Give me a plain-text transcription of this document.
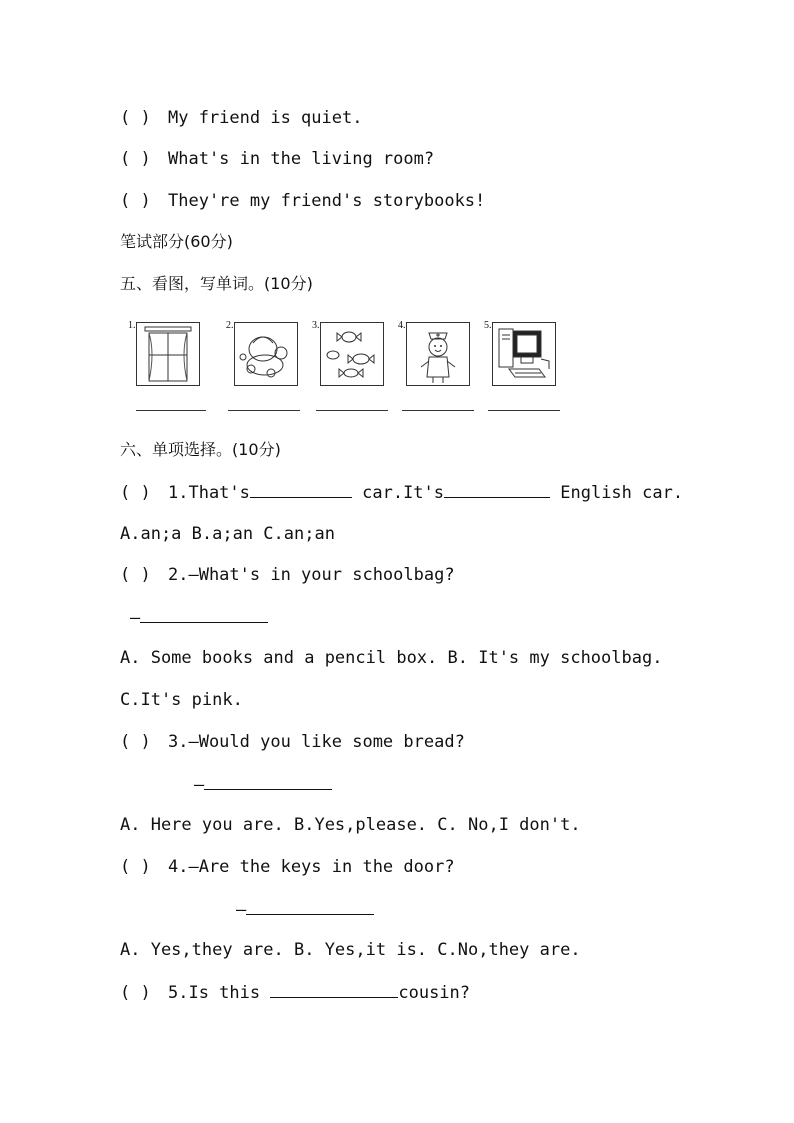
( ) My friend is quiet.
( ) What's in the living room?
( ) They're my friend's storybooks!
笔试部分(60分)
五、看图，写单词。(10分)
1.	2.	3.	4.	5.
六、单项选择。(10分)
( ) 1.That's	car.It's	English car.
A.an;a B.a;an C.an;an
( ) 2.—What's in your schoolbag?
—
A. Some books and a pencil box. B. It's my schoolbag.
C.It's pink.
( ) 3.—Would you like some bread?
—
A. Here you are. B.Yes,please. C. No,I don't.
( ) 4.—Are the keys in the door?
—
A. Yes,they are. B. Yes,it is. C.No,they are.
( ) 5.Is this	cousin?
